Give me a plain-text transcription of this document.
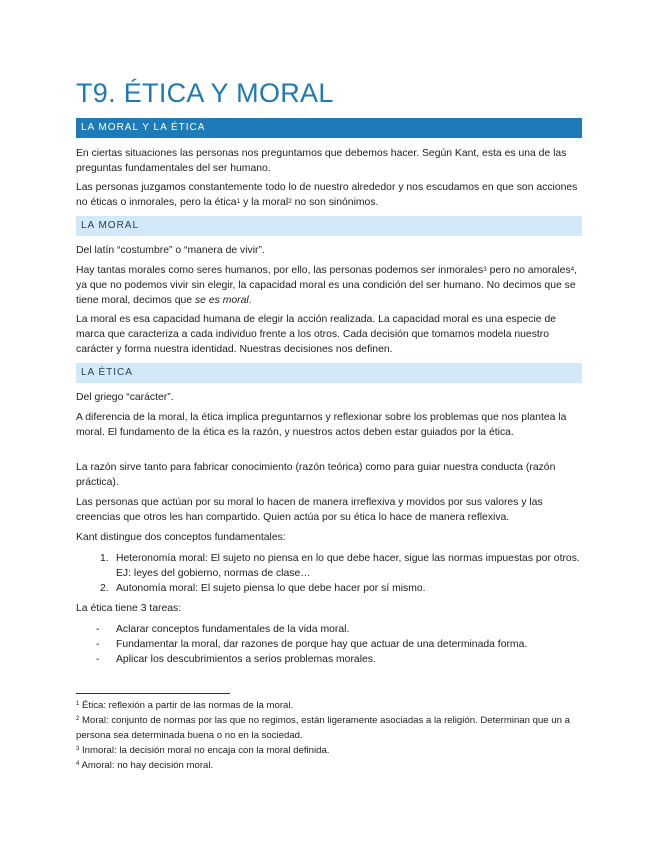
T9. ÉTICA Y MORAL
LA MORAL Y LA ÉTICA
En ciertas situaciones las personas nos preguntamos que debemos hacer. Según Kant, esta es una de las preguntas fundamentales del ser humano.
Las personas juzgamos constantemente todo lo de nuestro alrededor y nos escudamos en que son acciones no éticas o inmorales, pero la ética$^1$ y la moral$^2$ no son sinónimos.
LA MORAL
Del latín “costumbre” o “manera de vivir”.
Hay tantas morales como seres humanos, por ello, las personas podemos ser inmorales$^3$ pero no amorales$^4$, ya que no podemos vivir sin elegir, la capacidad moral es una condición del ser humano. No decimos que se tiene moral, decimos que se es moral.
La moral es esa capacidad humana de elegir la acción realizada. La capacidad moral es una especie de marca que caracteriza a cada individuo frente a los otros. Cada decisión que tomamos modela nuestro carácter y forma nuestra identidad. Nuestras decisiones nos definen.
LA ÉTICA
Del griego “carácter”.
A diferencia de la moral, la ética implica preguntarnos y reflexionar sobre los problemas que nos plantea la moral. El fundamento de la ética es la razón, y nuestros actos deben estar guiados por la ética.
La razón sirve tanto para fabricar conocimiento (razón teórica) como para guiar nuestra conducta (razón práctica).
Las personas que actúan por su moral lo hacen de manera irreflexiva y movidos por sus valores y las creencias que otros les han compartido. Quien actúa por su ética lo hace de manera reflexiva.
Kant distingue dos conceptos fundamentales:
1. Heteronomía moral: El sujeto no piensa en lo que debe hacer, sigue las normas impuestas por otros. EJ: leyes del gobierno, normas de clase…
2. Autonomía moral: El sujeto piensa lo que debe hacer por sí mismo.
La ética tiene 3 tareas:
- Aclarar conceptos fundamentales de la vida moral.
- Fundamentar la moral, dar razones de porque hay que actuar de una determinada forma.
- Aplicar los descubrimientos a serios problemas morales.
$^1$ Ética: reflexión a partir de las normas de la moral.
$^2$ Moral: conjunto de normas por las que no regimos, están ligeramente asociadas a la religión. Determinan que un a persona sea determinada buena o no en la sociedad.
$^3$ Inmoral: la decisión moral no encaja con la moral definida.
$^4$ Amoral: no hay decisión moral.
